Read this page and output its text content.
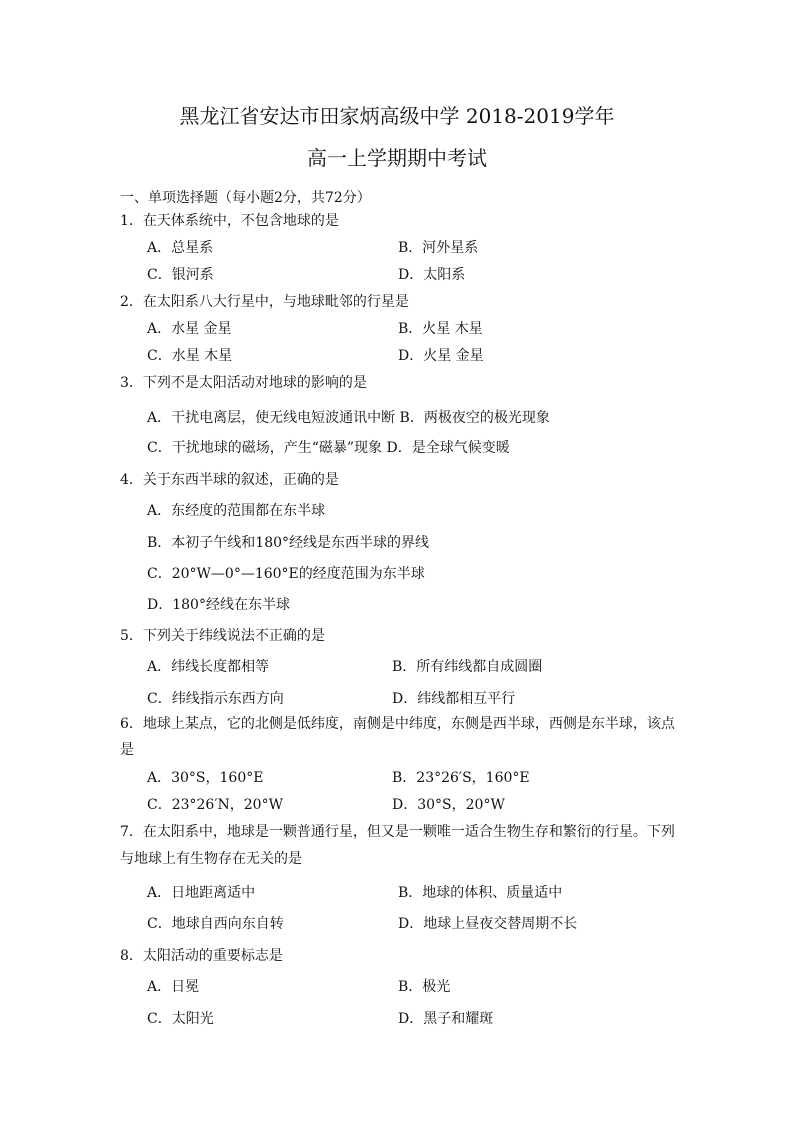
黑龙江省安达市田家炳高级中学 2018-2019学年
高一上学期期中考试
一、单项选择题（每小题2分，共72分）
1．在天体系统中，不包含地球的是
A．总星系	B．河外星系
C．银河系	D．太阳系
2．在太阳系八大行星中，与地球毗邻的行星是
A．水星 金星	B．火星 木星
C．水星 木星	D．火星 金星
3．下列不是太阳活动对地球的影响的是
A．干扰电离层，使无线电短波通讯中断 B．两极夜空的极光现象
C．干扰地球的磁场，产生“磁暴”现象 D．是全球气候变暖
4．关于东西半球的叙述，正确的是
A．东经度的范围都在东半球
B．本初子午线和180°经线是东西半球的界线
C．20°W—0°—160°E的经度范围为东半球
D．180°经线在东半球
5．下列关于纬线说法不正确的是
A．纬线长度都相等	B．所有纬线都自成圆圈
C．纬线指示东西方向	D．纬线都相互平行
6．地球上某点，它的北侧是低纬度，南侧是中纬度，东侧是西半球，西侧是东半球，该点
是
A．30°S，160°E	B．23°26′S，160°E
C．23°26′N，20°W	D．30°S，20°W
7．在太阳系中，地球是一颗普通行星，但又是一颗唯一适合生物生存和繁衍的行星。下列
与地球上有生物存在无关的是
A．日地距离适中	B．地球的体积、质量适中
C．地球自西向东自转	D．地球上昼夜交替周期不长
8．太阳活动的重要标志是
A．日冕	B．极光
C．太阳光	D．黑子和耀斑
